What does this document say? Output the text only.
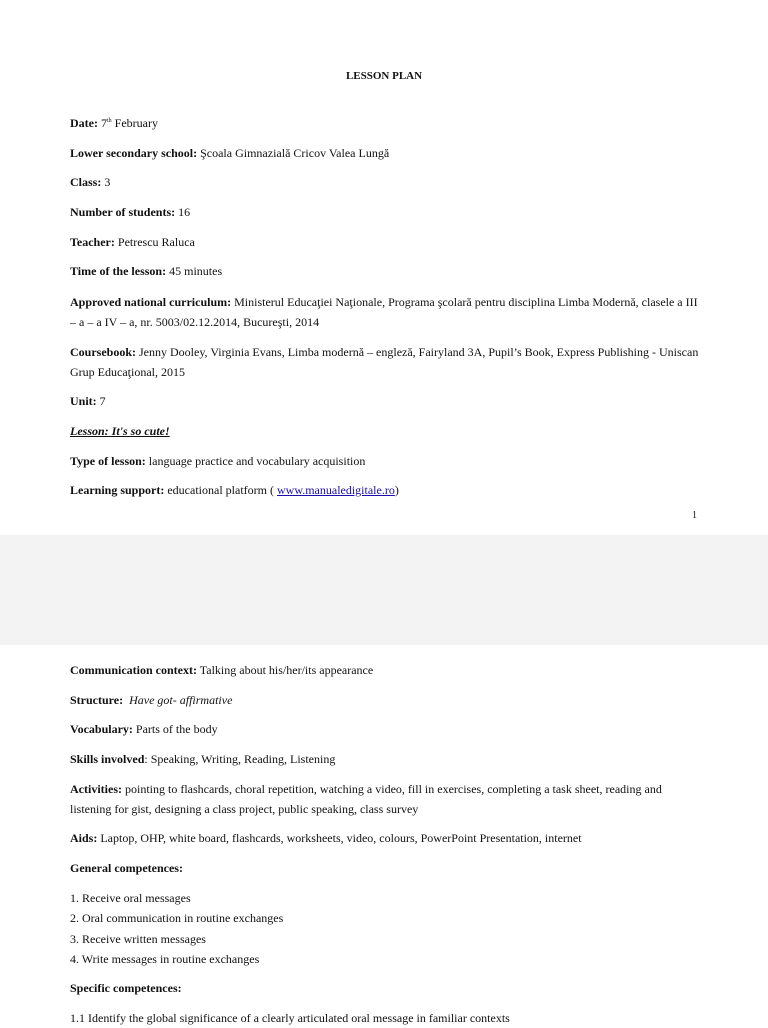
LESSON PLAN
Date: 7th February
Lower secondary school: Şcoala Gimnazială Cricov Valea Lungă
Class: 3
Number of students: 16
Teacher: Petrescu Raluca
Time of the lesson: 45 minutes
Approved national curriculum: Ministerul Educaţiei Naţionale, Programa şcolară pentru disciplina Limba Modernă, clasele a III – a – a IV – a, nr. 5003/02.12.2014, Bucureşti, 2014
Coursebook: Jenny Dooley, Virginia Evans, Limba modernă – engleză, Fairyland 3A, Pupil’s Book, Express Publishing - Uniscan Grup Educaţional, 2015
Unit: 7
Lesson: It's so cute!
Type of lesson: language practice and vocabulary acquisition
Learning support: educational platform ( www.manualedigitale.ro)
1
Communication context: Talking about his/her/its appearance
Structure: Have got- affirmative
Vocabulary: Parts of the body
Skills involved: Speaking, Writing, Reading, Listening
Activities: pointing to flashcards, choral repetition, watching a video, fill in exercises, completing a task sheet, reading and listening for gist, designing a class project, public speaking, class survey
Aids: Laptop, OHP, white board, flashcards, worksheets, video, colours, PowerPoint Presentation, internet
General competences:
1. Receive oral messages
2. Oral communication in routine exchanges
3. Receive written messages
4. Write messages in routine exchanges
Specific competences:
1.1 Identify the global significance of a clearly articulated oral message in familiar contexts
